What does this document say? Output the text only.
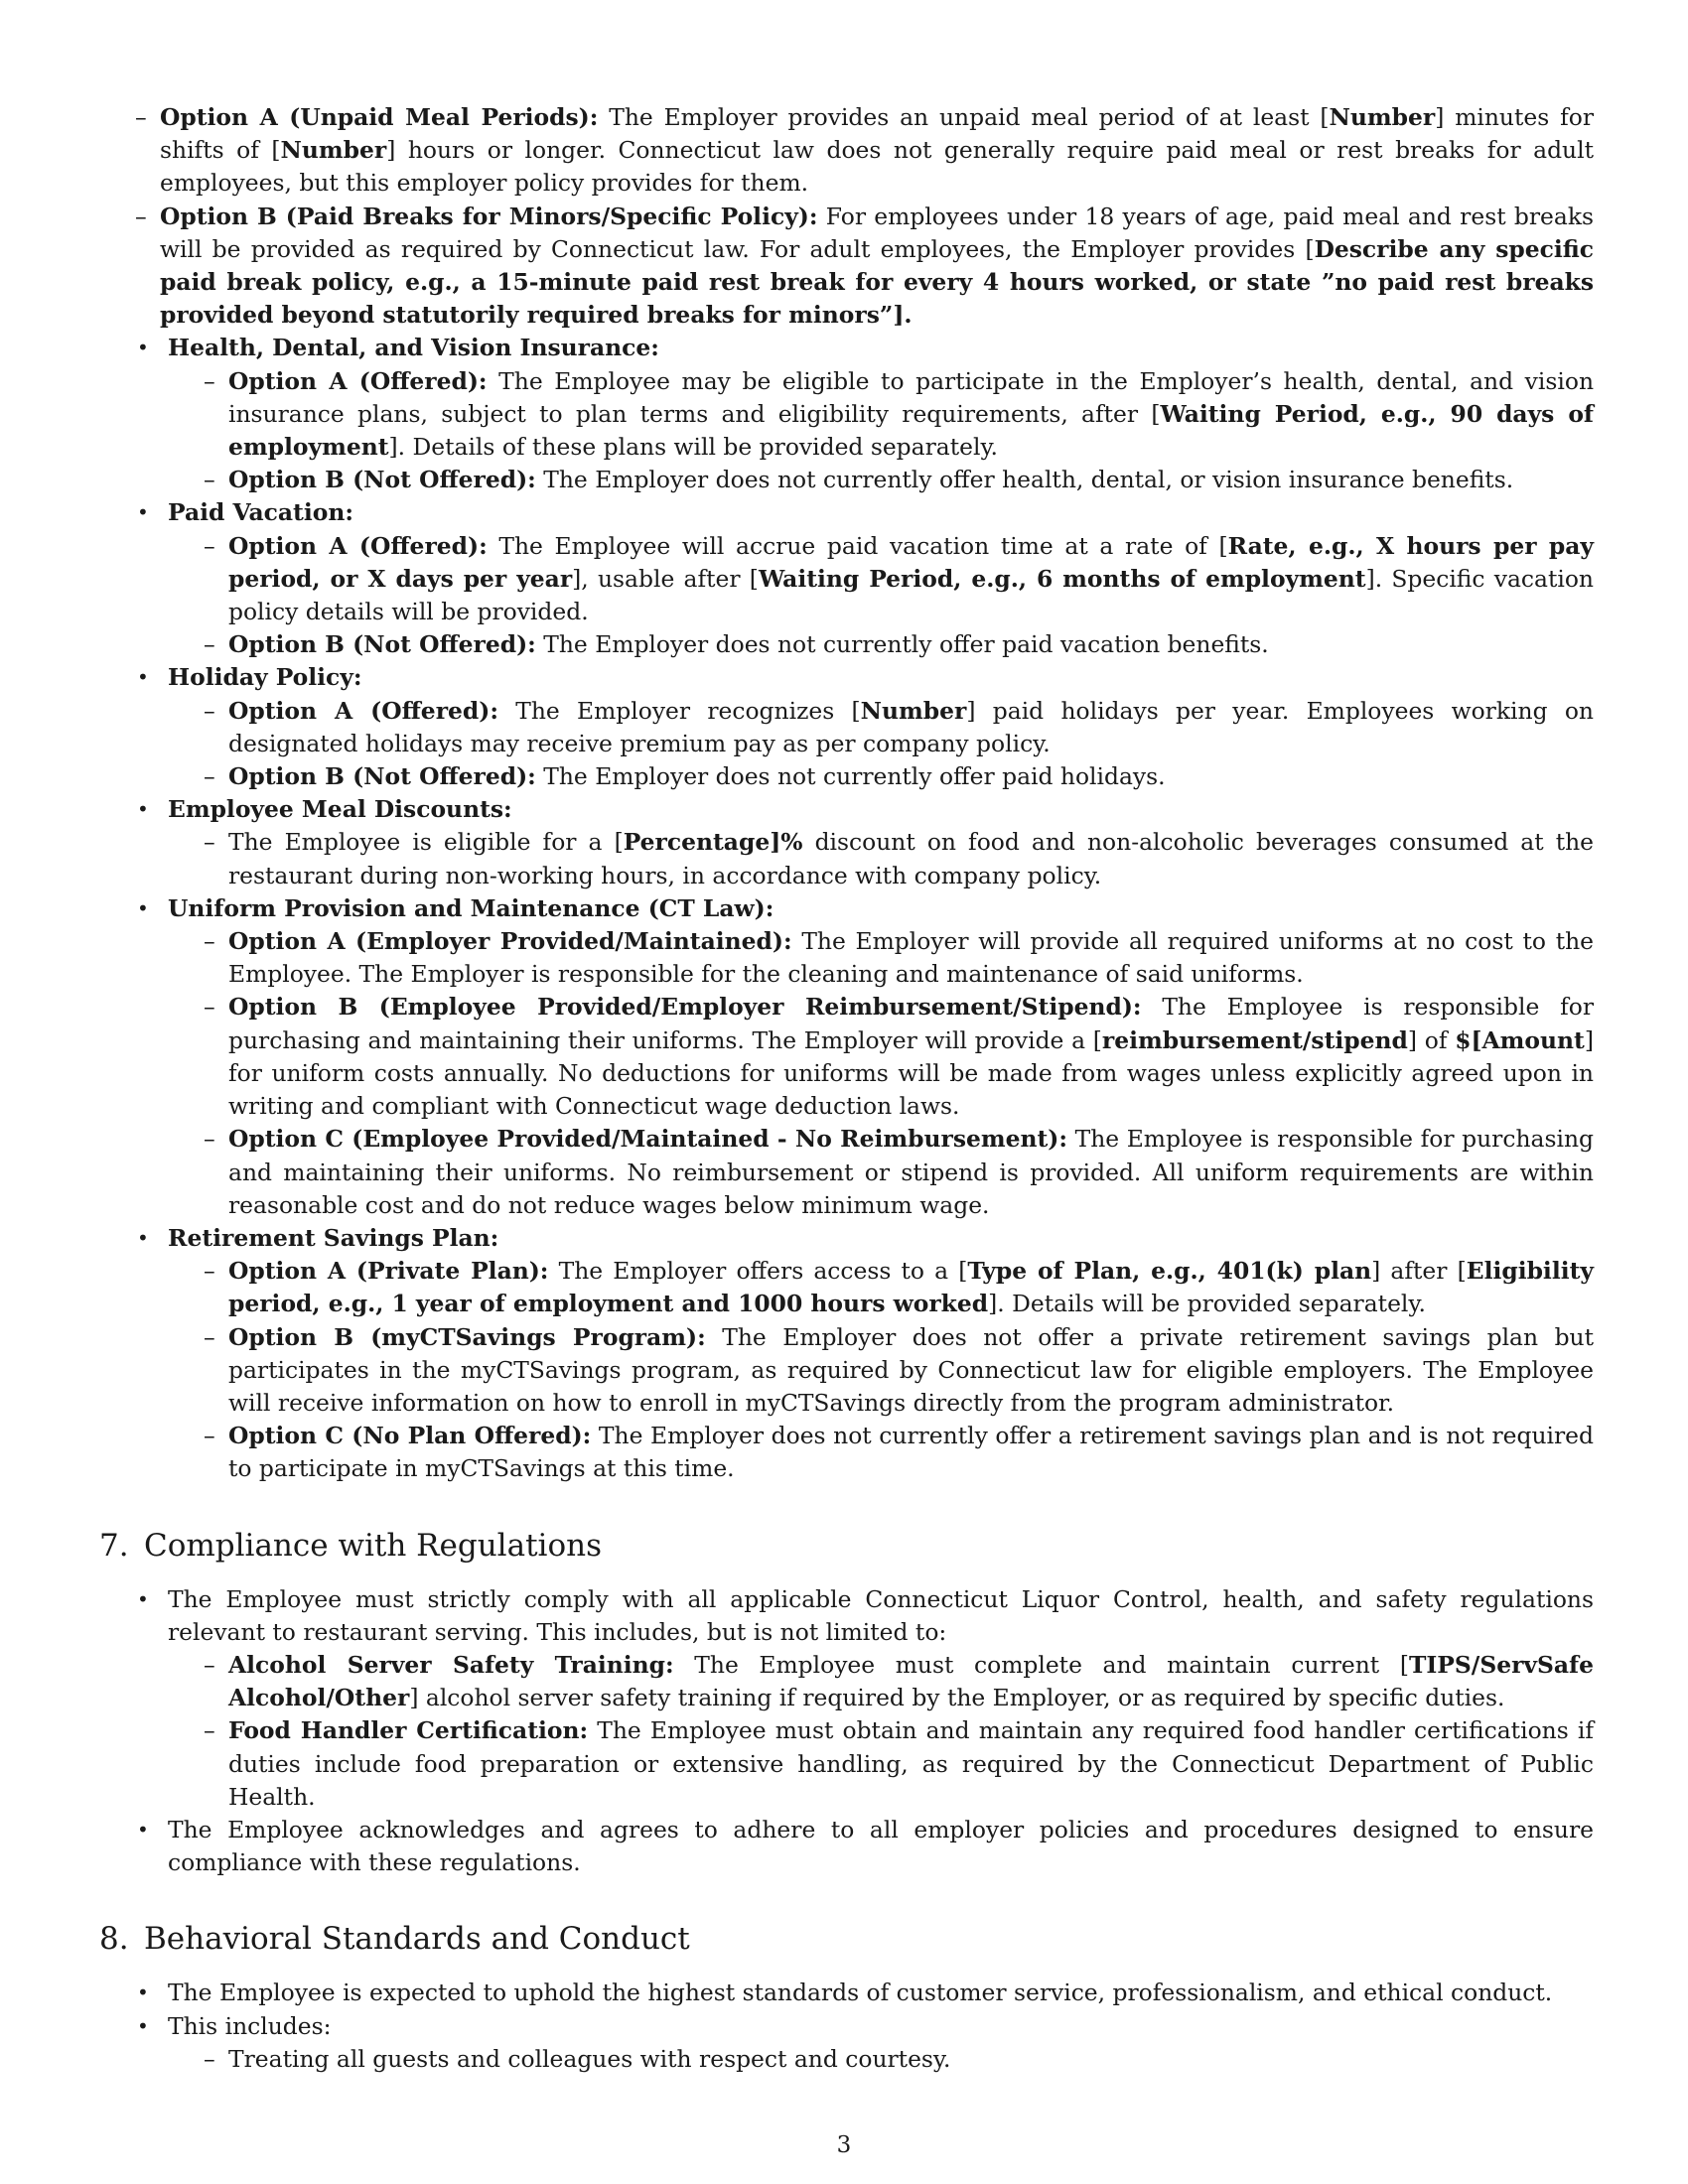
– Option A (Unpaid Meal Periods): The Employer provides an unpaid meal period of at least [Number] minutes for shifts of [Number] hours or longer. Connecticut law does not generally require paid meal or rest breaks for adult employees, but this employer policy provides for them.
– Option B (Paid Breaks for Minors/Specific Policy): For employees under 18 years of age, paid meal and rest breaks will be provided as required by Connecticut law. For adult employees, the Employer provides [Describe any specific paid break policy, e.g., a 15-minute paid rest break for every 4 hours worked, or state ”no paid rest breaks provided beyond statutorily required breaks for minors”].
• Health, Dental, and Vision Insurance:
– Option A (Offered): The Employee may be eligible to participate in the Employer’s health, dental, and vision insurance plans, subject to plan terms and eligibility requirements, after [Waiting Period, e.g., 90 days of employment]. Details of these plans will be provided separately.
– Option B (Not Offered): The Employer does not currently offer health, dental, or vision insurance benefits.
• Paid Vacation:
– Option A (Offered): The Employee will accrue paid vacation time at a rate of [Rate, e.g., X hours per pay period, or X days per year], usable after [Waiting Period, e.g., 6 months of employment]. Specific vacation policy details will be provided.
– Option B (Not Offered): The Employer does not currently offer paid vacation benefits.
• Holiday Policy:
– Option A (Offered): The Employer recognizes [Number] paid holidays per year. Employees working on designated holidays may receive premium pay as per company policy.
– Option B (Not Offered): The Employer does not currently offer paid holidays.
• Employee Meal Discounts:
– The Employee is eligible for a [Percentage]% discount on food and non-alcoholic beverages consumed at the restaurant during non-working hours, in accordance with company policy.
• Uniform Provision and Maintenance (CT Law):
– Option A (Employer Provided/Maintained): The Employer will provide all required uniforms at no cost to the Employee. The Employer is responsible for the cleaning and maintenance of said uniforms.
– Option B (Employee Provided/Employer Reimbursement/Stipend): The Employee is responsible for purchasing and maintaining their uniforms. The Employer will provide a [reimbursement/stipend] of $[Amount] for uniform costs annually. No deductions for uniforms will be made from wages unless explicitly agreed upon in writing and compliant with Connecticut wage deduction laws.
– Option C (Employee Provided/Maintained - No Reimbursement): The Employee is responsible for purchasing and maintaining their uniforms. No reimbursement or stipend is provided. All uniform requirements are within reasonable cost and do not reduce wages below minimum wage.
• Retirement Savings Plan:
– Option A (Private Plan): The Employer offers access to a [Type of Plan, e.g., 401(k) plan] after [Eligibility period, e.g., 1 year of employment and 1000 hours worked]. Details will be provided separately.
– Option B (myCTSavings Program): The Employer does not offer a private retirement savings plan but participates in the myCTSavings program, as required by Connecticut law for eligible employers. The Employee will receive information on how to enroll in myCTSavings directly from the program administrator.
– Option C (No Plan Offered): The Employer does not currently offer a retirement savings plan and is not required to participate in myCTSavings at this time.
7. Compliance with Regulations
• The Employee must strictly comply with all applicable Connecticut Liquor Control, health, and safety regulations relevant to restaurant serving. This includes, but is not limited to:
– Alcohol Server Safety Training: The Employee must complete and maintain current [TIPS/ServSafe Alcohol/Other] alcohol server safety training if required by the Employer, or as required by specific duties.
– Food Handler Certification: The Employee must obtain and maintain any required food handler certifications if duties include food preparation or extensive handling, as required by the Connecticut Department of Public Health.
• The Employee acknowledges and agrees to adhere to all employer policies and procedures designed to ensure compliance with these regulations.
8. Behavioral Standards and Conduct
• The Employee is expected to uphold the highest standards of customer service, professionalism, and ethical conduct.
• This includes:
– Treating all guests and colleagues with respect and courtesy.
3
